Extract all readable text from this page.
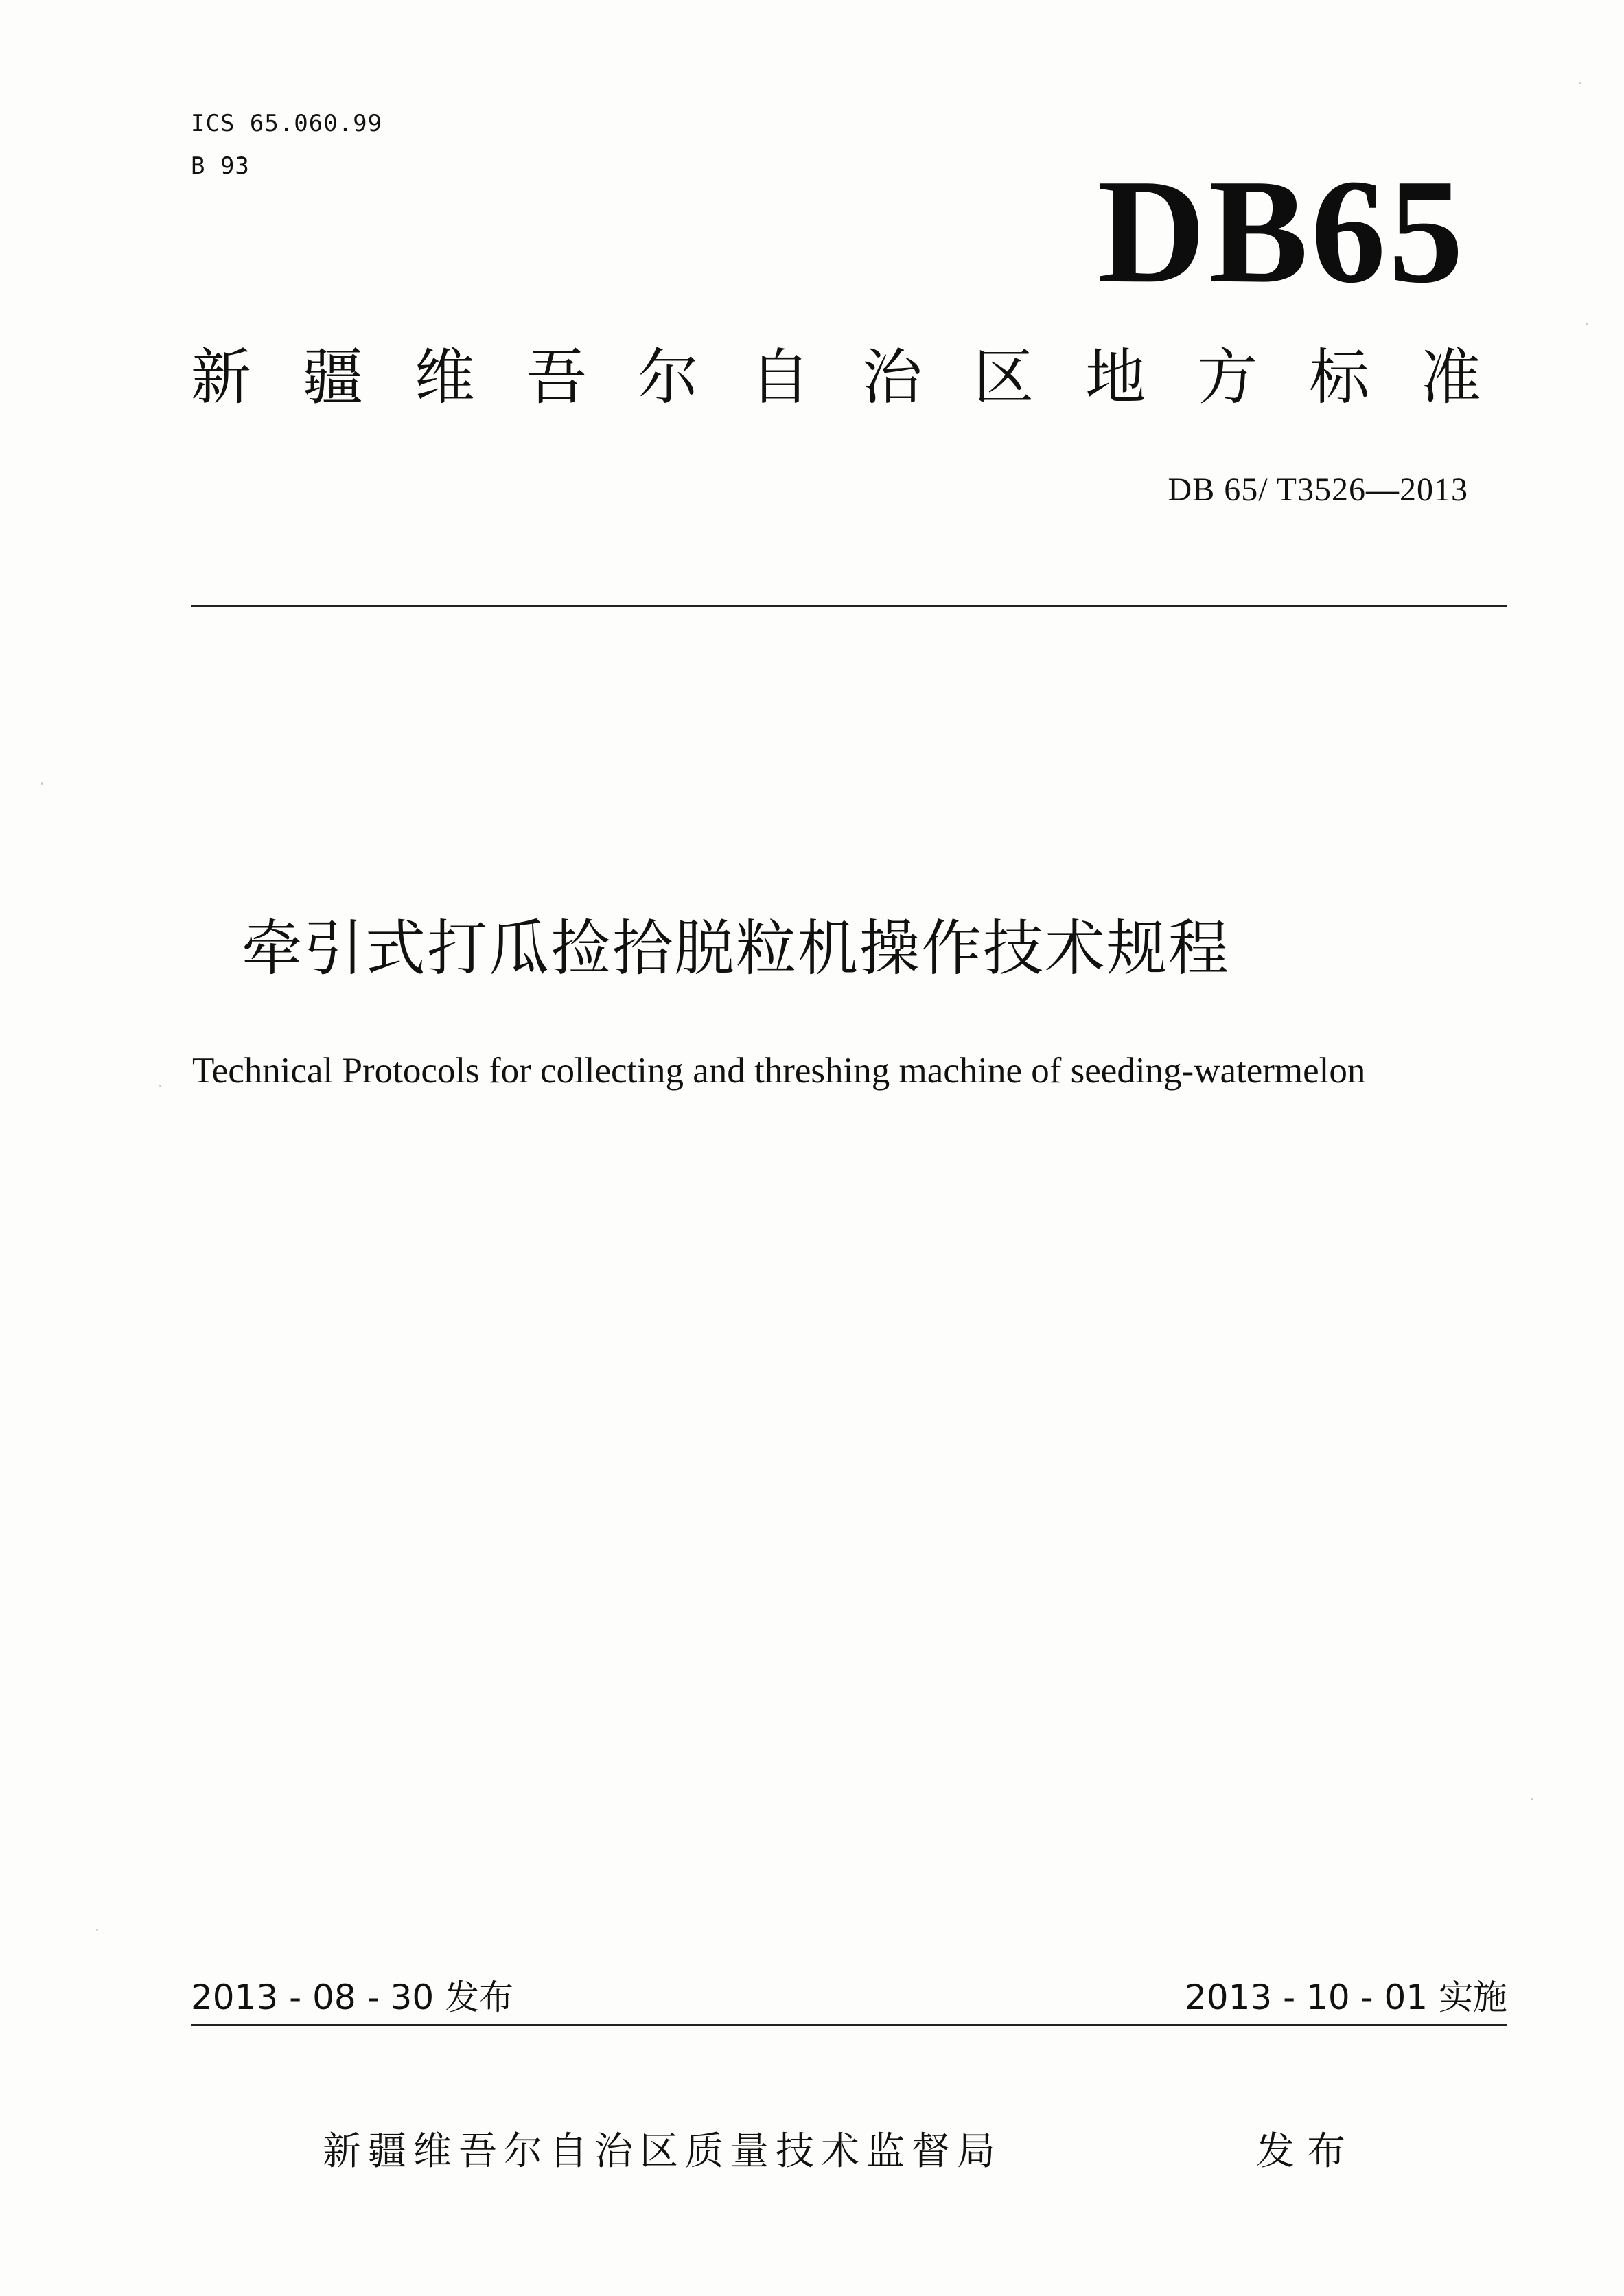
ICS 65.060.99
B 93	DB65
新 疆 维 吾 尔 自 治 区 地 方 标 准
DB 65/ T3526—2013
牵引式打瓜捡拾脱粒机操作技术规程
Technical Protocols for collecting and threshing machine of seeding-watermelon
2013 - 08 - 30 发布	2013 - 10 - 01 实施
新疆维吾尔自治区质量技术监督局	发布
